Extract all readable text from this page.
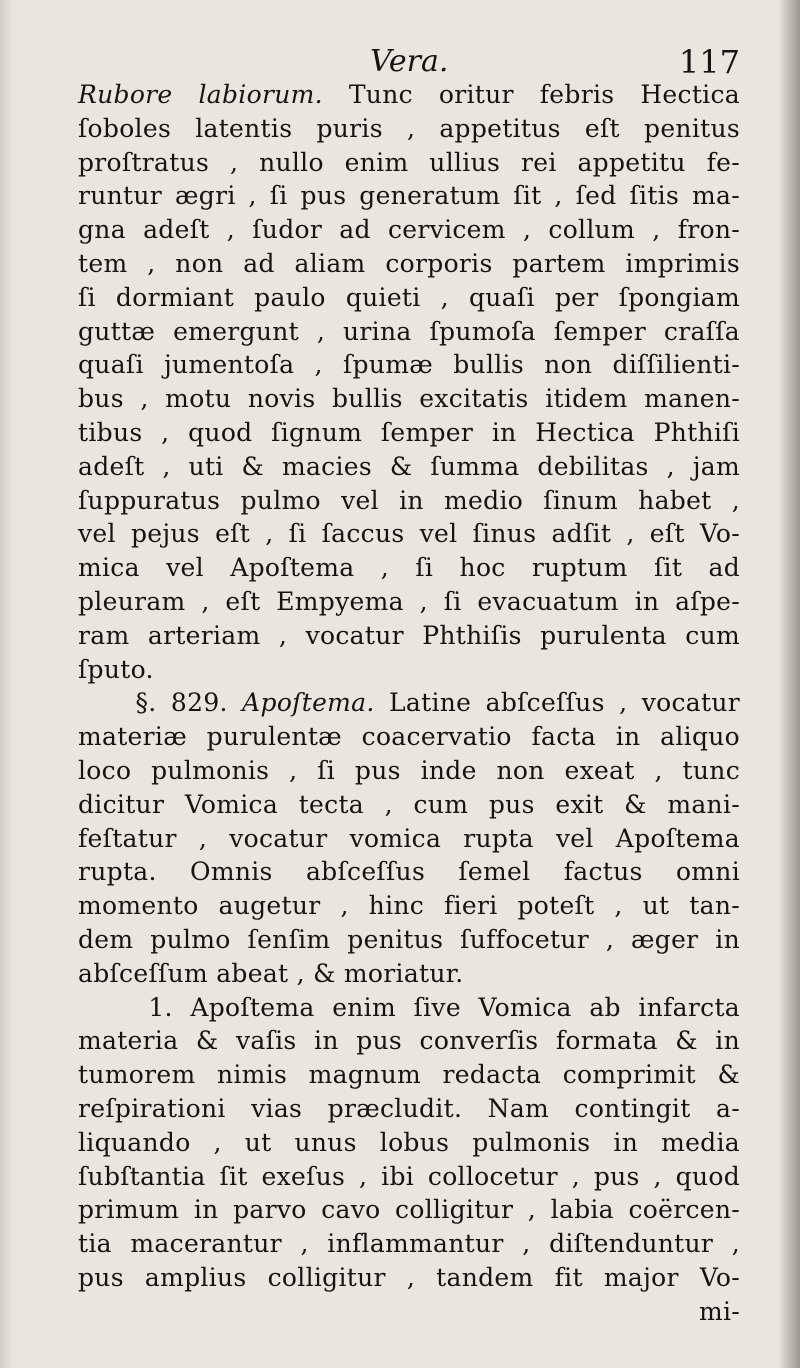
Vera.	117
Rubore labiorum. Tunc oritur febris Hectica
ſoboles latentis puris , appetitus eſt penitus
proſtratus , nullo enim ullius rei appetitu fe-
runtur ægri , ſi pus generatum ſit , ſed ſitis ma-
gna adeſt , ſudor ad cervicem , collum , fron-
tem , non ad aliam corporis partem imprimis
ſi dormiant paulo quieti , quaſi per ſpongiam
guttæ emergunt , urina ſpumoſa ſemper craſſa
quaſi jumentoſa , ſpumæ bullis non diſſilienti-
bus , motu novis bullis excitatis itidem manen-
tibus , quod ſignum ſemper in Hectica Phthiſi
adeſt , uti & macies & ſumma debilitas , jam
ſuppuratus pulmo vel in medio ſinum habet ,
vel pejus eſt , ſi ſaccus vel ſinus adſit , eſt Vo-
mica vel Apoſtema , ſi hoc ruptum ſit ad
pleuram , eſt Empyema , ſi evacuatum in aſpe-
ram arteriam , vocatur Phthiſis purulenta cum
ſputo.
§. 829. Apoſtema. Latine abſceſſus , vocatur
materiæ purulentæ coacervatio facta in aliquo
loco pulmonis , ſi pus inde non exeat , tunc
dicitur Vomica tecta , cum pus exit & mani-
feſtatur , vocatur vomica rupta vel Apoſtema
rupta. Omnis abſceſſus ſemel factus omni
momento augetur , hinc fieri poteſt , ut tan-
dem pulmo ſenſim penitus ſuffocetur , æger in
abſceſſum abeat , & moriatur.
1. Apoſtema enim ſive Vomica ab infarcta
materia & vaſis in pus converſis formata & in
tumorem nimis magnum redacta comprimit &
reſpirationi vias præcludit. Nam contingit a-
liquando , ut unus lobus pulmonis in media
ſubſtantia ſit exeſus , ibi collocetur , pus , quod
primum in parvo cavo colligitur , labia coërcen-
tia macerantur , inflammantur , diſtenduntur ,
pus amplius colligitur , tandem fit major Vo-
mi-
